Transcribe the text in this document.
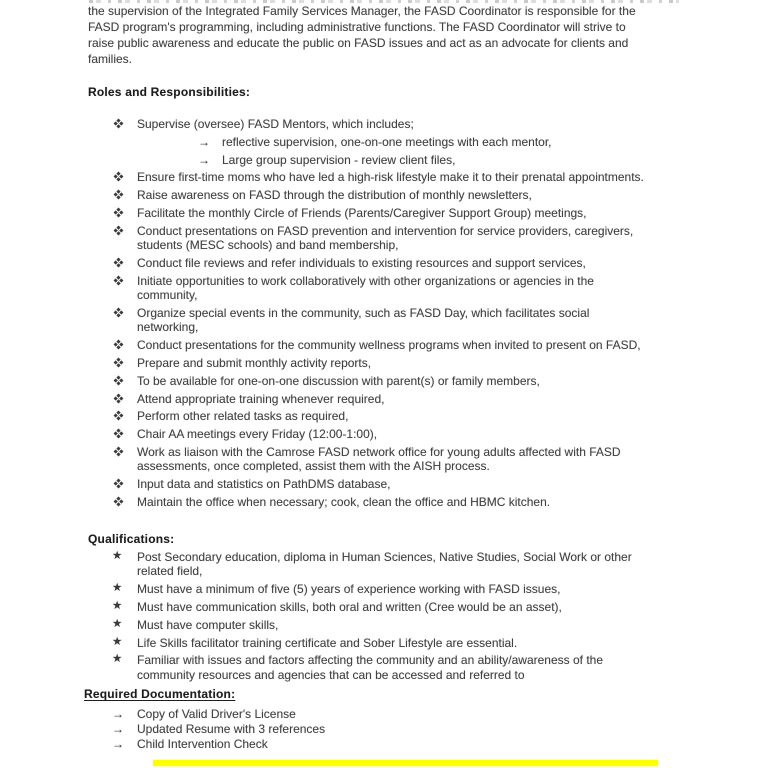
the supervision of the Integrated Family Services Manager, the FASD Coordinator is responsible for the
FASD program's programming, including administrative functions. The FASD Coordinator will strive to
raise public awareness and educate the public on FASD issues and act as an advocate for clients and
families.
Roles and Responsibilities:
Supervise (oversee) FASD Mentors, which includes;
→ reflective supervision, one-on-one meetings with each mentor,
→ Large group supervision - review client files,
Ensure first-time moms who have led a high-risk lifestyle make it to their prenatal appointments.
Raise awareness on FASD through the distribution of monthly newsletters,
Facilitate the monthly Circle of Friends (Parents/Caregiver Support Group) meetings,
Conduct presentations on FASD prevention and intervention for service providers, caregivers,
students (MESC schools) and band membership,
Conduct file reviews and refer individuals to existing resources and support services,
Initiate opportunities to work collaboratively with other organizations or agencies in the
community,
Organize special events in the community, such as FASD Day, which facilitates social
networking,
Conduct presentations for the community wellness programs when invited to present on FASD,
Prepare and submit monthly activity reports,
To be available for one-on-one discussion with parent(s) or family members,
Attend appropriate training whenever required,
Perform other related tasks as required,
Chair AA meetings every Friday (12:00-1:00),
Work as liaison with the Camrose FASD network office for young adults affected with FASD
assessments, once completed, assist them with the AISH process.
Input data and statistics on PathDMS database,
Maintain the office when necessary; cook, clean the office and HBMC kitchen.
Qualifications:
★ Post Secondary education, diploma in Human Sciences, Native Studies, Social Work or other
related field,
★ Must have a minimum of five (5) years of experience working with FASD issues,
★ Must have communication skills, both oral and written (Cree would be an asset),
★ Must have computer skills,
★ Life Skills facilitator training certificate and Sober Lifestyle are essential.
★ Familiar with issues and factors affecting the community and an ability/awareness of the
community resources and agencies that can be accessed and referred to
Required Documentation:
→ Copy of Valid Driver's License
→ Updated Resume with 3 references
→ Child Intervention Check
